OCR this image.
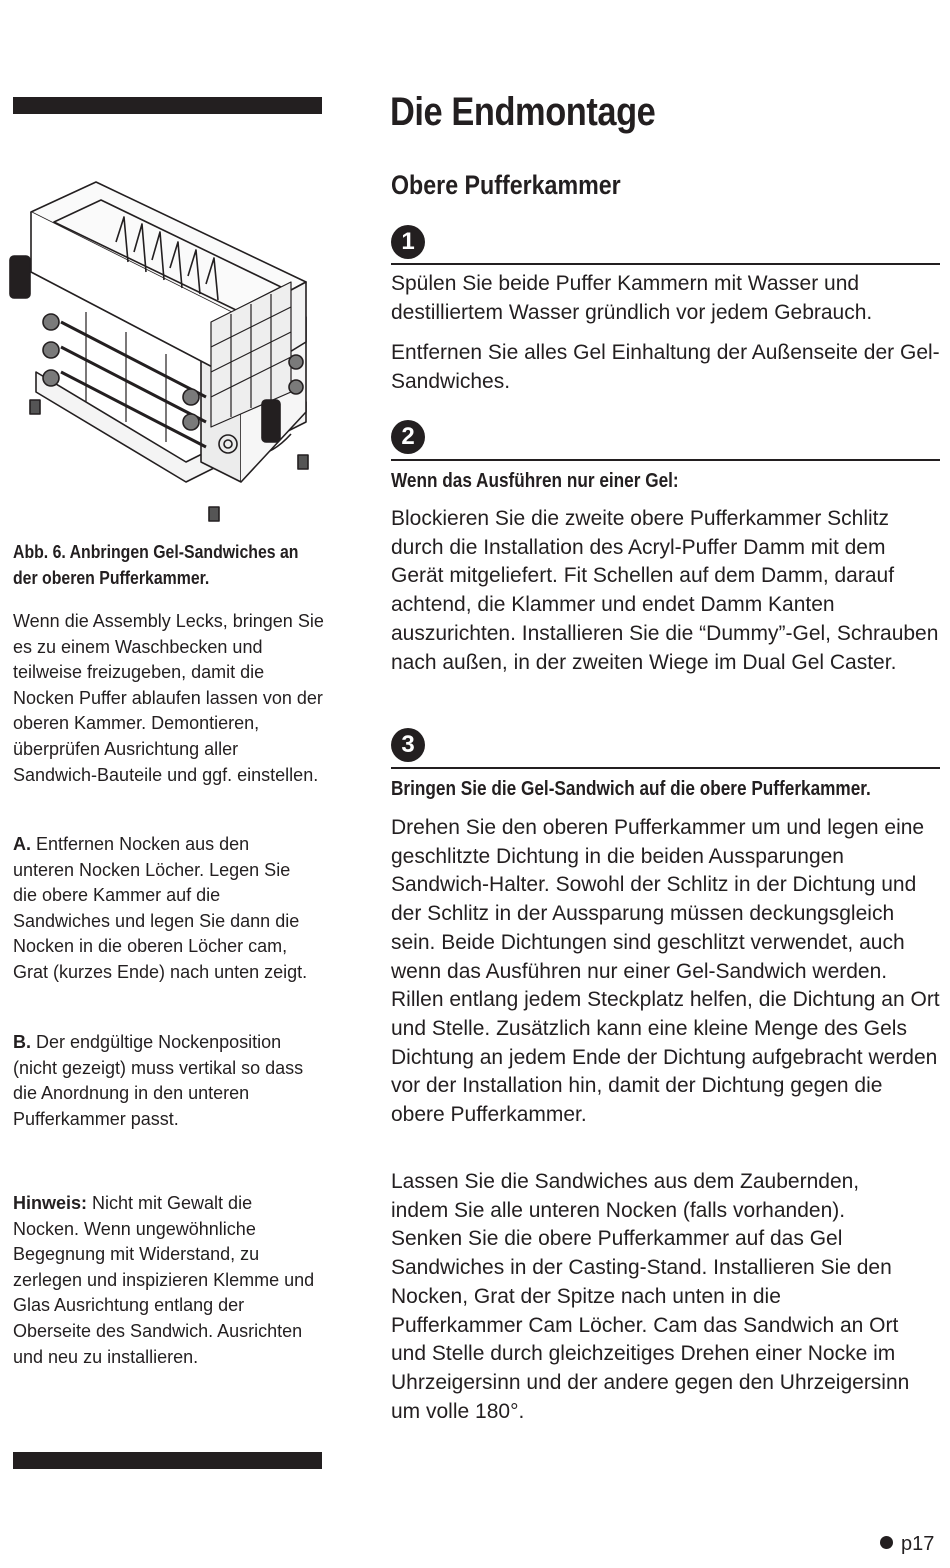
Abb. 6. Anbringen Gel-Sandwiches an der oberen Pufferkammer.

Wenn die Assembly Lecks, bringen Sie es zu einem Waschbecken und teilweise freizugeben, damit die Nocken Puffer ablaufen lassen von der oberen Kammer. Demontieren, überprüfen Ausrichtung aller Sandwich-Bauteile und ggf. einstellen.

A. Entfernen Nocken aus den unteren Nocken Löcher. Legen Sie die obere Kammer auf die Sandwiches und legen Sie dann die Nocken in die oberen Löcher cam, Grat (kurzes Ende) nach unten zeigt.

B. Der endgültige Nockenposition (nicht gezeigt) muss vertikal so dass die Anordnung in den unteren Pufferkammer passt.

Hinweis: Nicht mit Gewalt die Nocken. Wenn ungewöhnliche Begegnung mit Widerstand, zu zerlegen und inspizieren Klemme und Glas Ausrichtung entlang der Oberseite des Sandwich. Ausrichten und neu zu installieren.

Die Endmontage
Obere Pufferkammer
1

Spülen Sie beide Puffer Kammern mit Wasser und destilliertem Wasser gründlich vor jedem Gebrauch.

Entfernen Sie alles Gel Einhaltung der Außenseite der Gel-Sandwiches.

2
Wenn das Ausführen nur einer Gel:

Blockieren Sie die zweite obere Pufferkammer Schlitz durch die Installation des Acryl-Puffer Damm mit dem Gerät mitgeliefert. Fit Schellen auf dem Damm, darauf achtend, die Klammer und endet Damm Kanten auszurichten. Installieren Sie die “Dummy”-Gel, Schrauben nach außen, in der zweiten Wiege im Dual Gel Caster.

3
Bringen Sie die Gel-Sandwich auf die obere Pufferkammer.

Drehen Sie den oberen Pufferkammer um und legen eine geschlitzte Dichtung in die beiden Aussparungen Sandwich-Halter. Sowohl der Schlitz in der Dichtung und der Schlitz in der Aussparung müssen deckungsgleich sein. Beide Dichtungen sind geschlitzt verwendet, auch wenn das Ausführen nur einer Gel-Sandwich werden. Rillen entlang jedem Steckplatz helfen, die Dichtung an Ort und Stelle. Zusätzlich kann eine kleine Menge des Gels Dichtung an jedem Ende der Dichtung aufgebracht werden vor der Installation hin, damit der Dichtung gegen die obere Pufferkammer.

Lassen Sie die Sandwiches aus dem Zaubernden, indem Sie alle unteren Nocken (falls vorhanden). Senken Sie die obere Pufferkammer auf das Gel Sandwiches in der Casting-Stand. Installieren Sie den Nocken, Grat der Spitze nach unten in die Pufferkammer Cam Löcher. Cam das Sandwich an Ort und Stelle durch gleichzeitiges Drehen einer Nocke im Uhrzeigersinn und der andere gegen den Uhrzeigersinn um volle 180°.

p17
